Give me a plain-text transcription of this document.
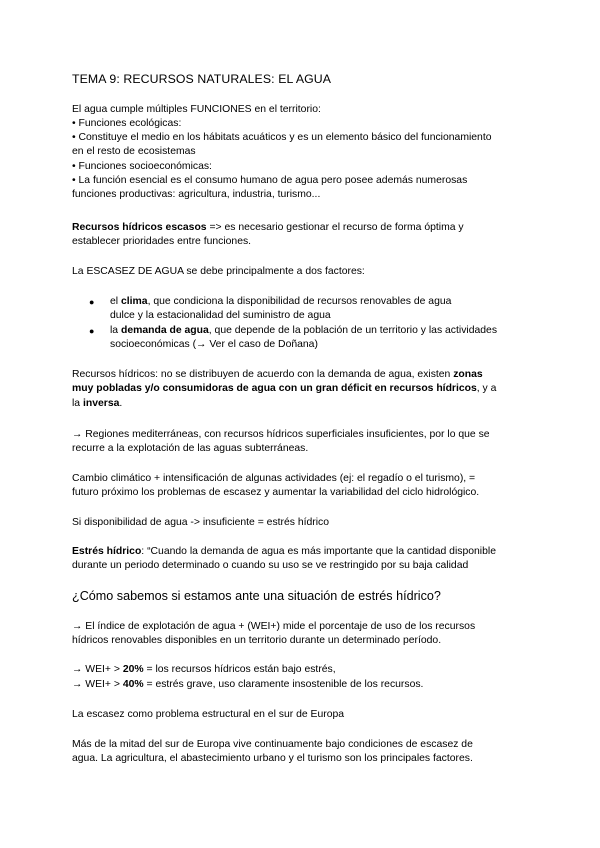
TEMA 9: RECURSOS NATURALES: EL AGUA
El agua cumple múltiples FUNCIONES en el territorio:
• Funciones ecológicas:
• Constituye el medio en los hábitats acuáticos y es un elemento básico del funcionamiento
en el resto de ecosistemas
• Funciones socioeconómicas:
• La función esencial es el consumo humano de agua pero posee además numerosas
funciones productivas: agricultura, industria, turismo...
Recursos hídricos escasos => es necesario gestionar el recurso de forma óptima y
establecer prioridades entre funciones.
La ESCASEZ DE AGUA se debe principalmente a dos factores:
● el clima, que condiciona la disponibilidad de recursos renovables de agua
dulce y la estacionalidad del suministro de agua
● la demanda de agua, que depende de la población de un territorio y las actividades
socioeconómicas (→ Ver el caso de Doñana)
Recursos hídricos: no se distribuyen de acuerdo con la demanda de agua, existen zonas
muy pobladas y/o consumidoras de agua con un gran déficit en recursos hídricos, y a
la inversa.
→ Regiones mediterráneas, con recursos hídricos superficiales insuficientes, por lo que se
recurre a la explotación de las aguas subterráneas.
Cambio climático + intensificación de algunas actividades (ej: el regadío o el turismo), =
futuro próximo los problemas de escasez y aumentar la variabilidad del ciclo hidrológico.
Si disponibilidad de agua -> insuficiente = estrés hídrico
Estrés hídrico: “Cuando la demanda de agua es más importante que la cantidad disponible
durante un periodo determinado o cuando su uso se ve restringido por su baja calidad
¿Cómo sabemos si estamos ante una situación de estrés hídrico?
→ El índice de explotación de agua + (WEI+) mide el porcentaje de uso de los recursos
hídricos renovables disponibles en un territorio durante un determinado período.
→ WEI+ > 20% = los recursos hídricos están bajo estrés,
→ WEI+ > 40% = estrés grave, uso claramente insostenible de los recursos.
La escasez como problema estructural en el sur de Europa
Más de la mitad del sur de Europa vive continuamente bajo condiciones de escasez de
agua. La agricultura, el abastecimiento urbano y el turismo son los principales factores.
